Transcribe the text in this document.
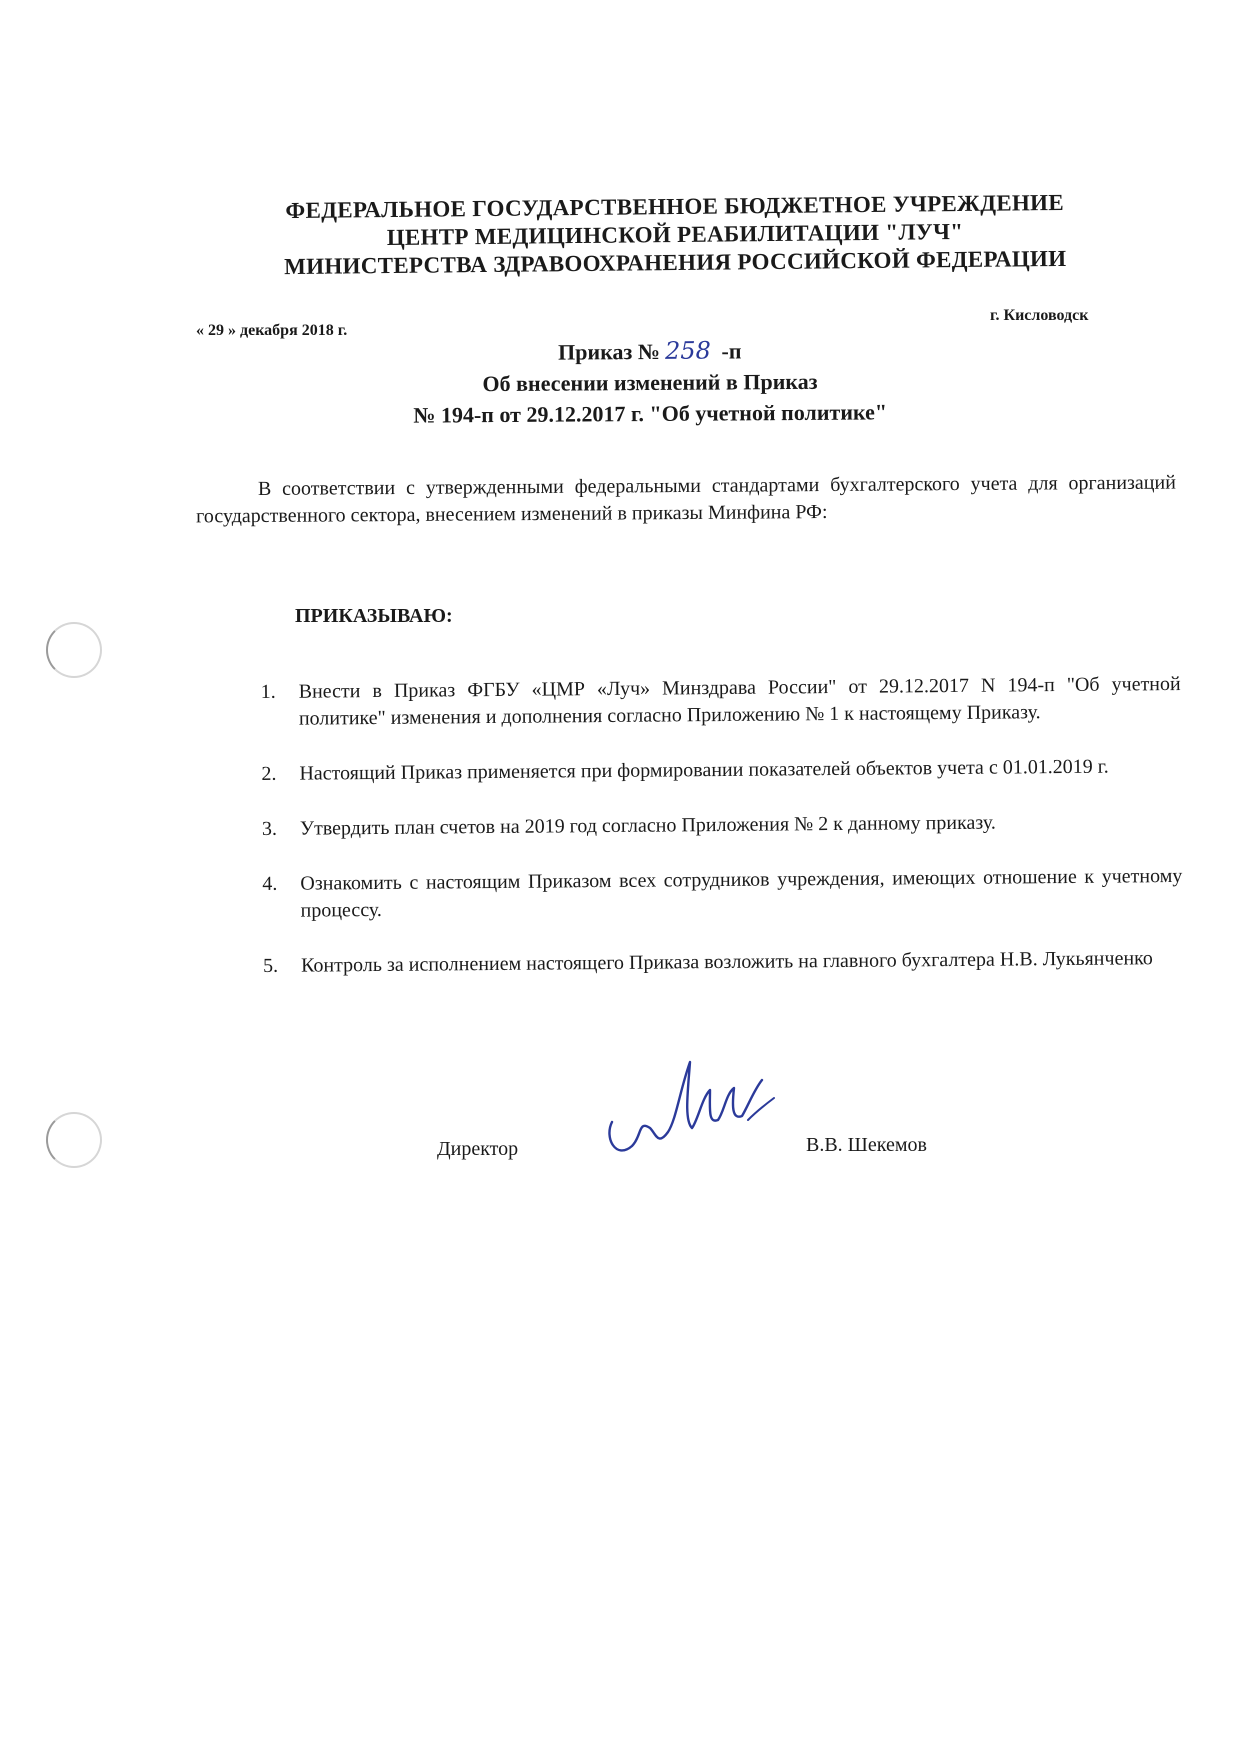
ФЕДЕРАЛЬНОЕ ГОСУДАРСТВЕННОЕ БЮДЖЕТНОЕ УЧРЕЖДЕНИЕ
ЦЕНТР МЕДИЦИНСКОЙ РЕАБИЛИТАЦИИ "ЛУЧ"
МИНИСТЕРСТВА ЗДРАВООХРАНЕНИЯ РОССИЙСКОЙ ФЕДЕРАЦИИ
г. Кисловодск
« 29 » декабря 2018 г.
Приказ № 258 -п
Об внесении изменений в Приказ
№ 194-п от 29.12.2017 г. "Об учетной политике"
В соответствии с утвержденными федеральными стандартами бухгалтерского учета для организаций государственного сектора, внесением изменений в приказы Минфина РФ:
ПРИКАЗЫВАЮ:
1. Внести в Приказ ФГБУ «ЦМР «Луч» Минздрава России" от 29.12.2017 N 194-п "Об учетной политике" изменения и дополнения согласно Приложению № 1 к настоящему Приказу.
2. Настоящий Приказ применяется при формировании показателей объектов учета с 01.01.2019 г.
3. Утвердить план счетов на 2019 год согласно Приложения № 2 к данному приказу.
4. Ознакомить с настоящим Приказом всех сотрудников учреждения, имеющих отношение к учетному процессу.
5. Контроль за исполнением настоящего Приказа возложить на главного бухгалтера Н.В. Лукьянченко
Директор	В.В. Шекемов
